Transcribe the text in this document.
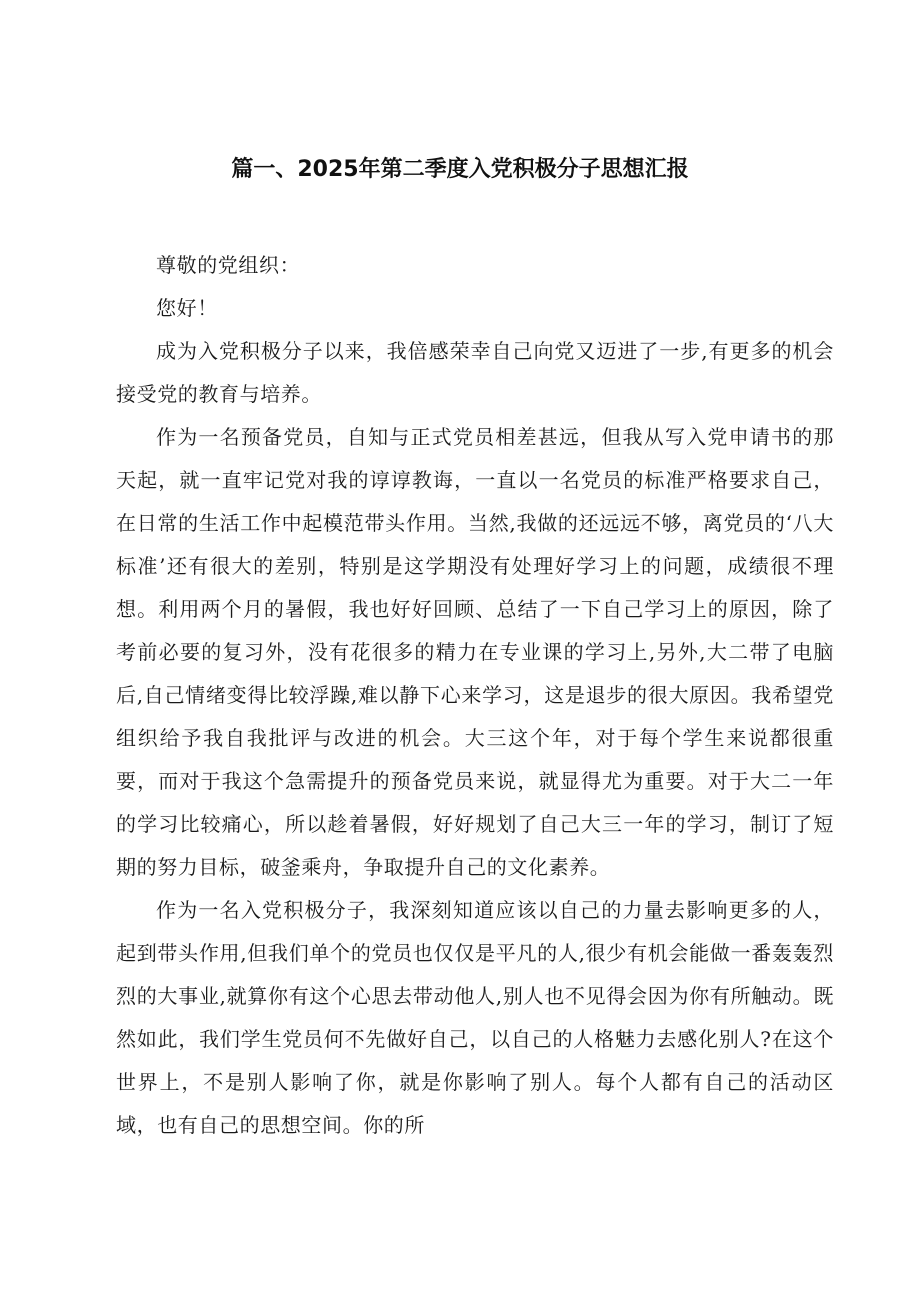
篇一、2025年第二季度入党积极分子思想汇报

尊敬的党组织：

您好！

成为入党积极分子以来，我倍感荣幸自己向党又迈进了一步,有更多的机会接受党的教育与培养。

作为一名预备党员，自知与正式党员相差甚远，但我从写入党申请书的那天起，就一直牢记党对我的谆谆教诲，一直以一名党员的标准严格要求自己，在日常的生活工作中起模范带头作用。当然,我做的还远远不够，离党员的‘八大标准’还有很大的差别，特别是这学期没有处理好学习上的问题，成绩很不理想。利用两个月的暑假，我也好好回顾、总结了一下自己学习上的原因，除了考前必要的复习外，没有花很多的精力在专业课的学习上,另外,大二带了电脑后,自己情绪变得比较浮躁,难以静下心来学习，这是退步的很大原因。我希望党组织给予我自我批评与改进的机会。大三这个年，对于每个学生来说都很重要，而对于我这个急需提升的预备党员来说，就显得尤为重要。对于大二一年的学习比较痛心，所以趁着暑假，好好规划了自己大三一年的学习，制订了短期的努力目标，破釜乘舟，争取提升自己的文化素养。

作为一名入党积极分子，我深刻知道应该以自己的力量去影响更多的人，起到带头作用,但我们单个的党员也仅仅是平凡的人,很少有机会能做一番轰轰烈烈的大事业,就算你有这个心思去带动他人,别人也不见得会因为你有所触动。既然如此，我们学生党员何不先做好自己，以自己的人格魅力去感化别人?在这个世界上，不是别人影响了你，就是你影响了别人。每个人都有自己的活动区域，也有自己的思想空间。你的所
